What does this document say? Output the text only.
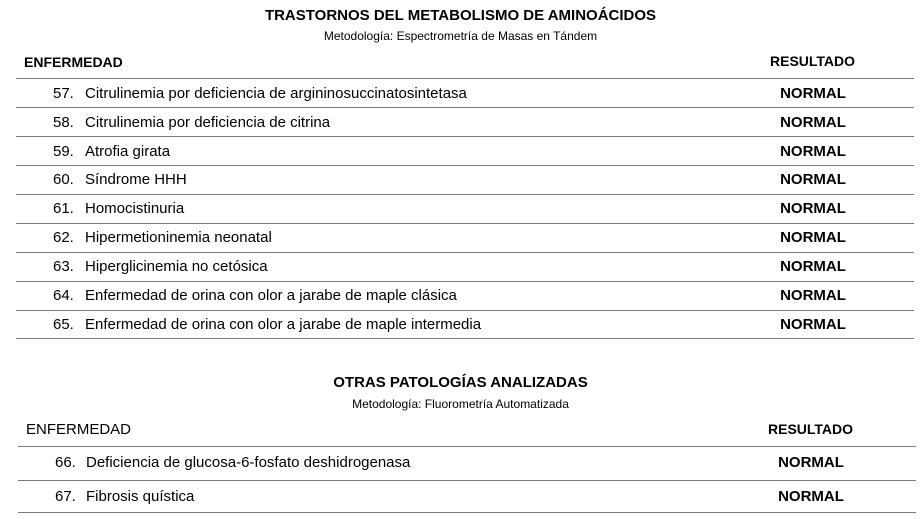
TRASTORNOS DEL METABOLISMO DE AMINOÁCIDOS
Metodología: Espectrometría de Masas en Tándem
ENFERMEDAD	RESULTADO
57. Citrulinemia por deficiencia de argininosuccinatosintetasa	NORMAL
58. Citrulinemia por deficiencia de citrina	NORMAL
59. Atrofia girata	NORMAL
60. Síndrome HHH	NORMAL
61. Homocistinuria	NORMAL
62. Hipermetioninemia neonatal	NORMAL
63. Hiperglicinemia no cetósica	NORMAL
64. Enfermedad de orina con olor a jarabe de maple clásica	NORMAL
65. Enfermedad de orina con olor a jarabe de maple intermedia	NORMAL
OTRAS PATOLOGÍAS ANALIZADAS
Metodología: Fluorometría Automatizada
ENFERMEDAD	RESULTADO
66. Deficiencia de glucosa-6-fosfato deshidrogenasa	NORMAL
67. Fibrosis quística	NORMAL
